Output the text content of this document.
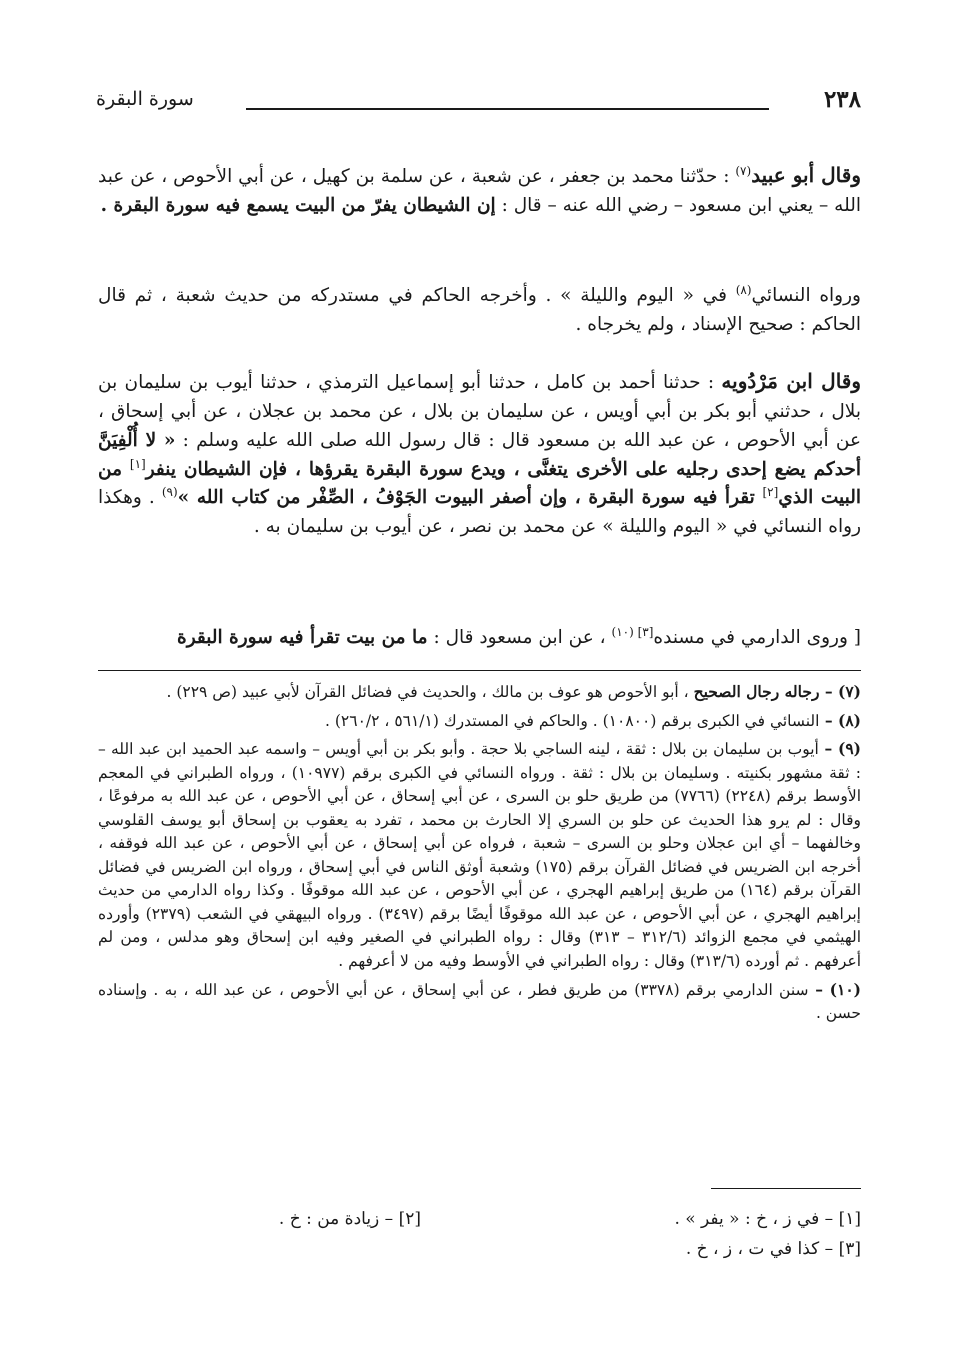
٢٣٨
سورة البقرة
وقال أبو عبيد$^{(٧)}$ : حدّثنا محمد بن جعفر ، عن شعبة ، عن سلمة بن كهيل ، عن أبي الأحوص ، عن عبد الله – يعني ابن مسعود – رضي الله عنه – قال : إن الشيطان يفرّ من البيت يسمع فيه سورة البقرة .
ورواه النسائي$^{(٨)}$ في « اليوم والليلة » . وأخرجه الحاكم في مستدركه من حديث شعبة ، ثم قال الحاكم : صحيح الإسناد ، ولم يخرجاه .
وقال ابن مَرْدُويه : حدثنا أحمد بن كامل ، حدثنا أبو إسماعيل الترمذي ، حدثنا أيوب بن سليمان بن بلال ، حدثني أبو بكر بن أبي أويس ، عن سليمان بن بلال ، عن محمد بن عجلان ، عن أبي إسحاق ، عن أبي الأحوص ، عن عبد الله بن مسعود قال : قال رسول الله صلى الله عليه وسلم : « لا أُلْفِيَنَّ أحدكم يضع إحدى رجليه على الأخرى يتغنَّى ، ويدع سورة البقرة يقرؤها ، فإن الشيطان ينفر[١] من البيت الذي[٢] تقرأ فيه سورة البقرة ، وإن أصفر البيوت الجَوْفُ ، الصِّفْر من كتاب الله »$^{(٩)}$ . وهكذا رواه النسائي في « اليوم والليلة » عن محمد بن نصر ، عن أيوب بن سليمان به .
[ وروى الدارمي في مسنده[٣] $^{(١٠)}$ ، عن ابن مسعود قال : ما من بيت تقرأ فيه سورة البقرة

(٧) – رجاله رجال الصحيح ، أبو الأحوص هو عوف بن مالك ، والحديث في فضائل القرآن لأبي عبيد (ص ٢٢٩) .

(٨) – النسائي في الكبرى برقم (١٠٨٠٠) . والحاكم في المستدرك (٥٦١/١ ، ٢٦٠/٢) .

(٩) – أيوب بن سليمان بن بلال : ثقة ، لينه الساجي بلا حجة . وأبو بكر بن أبي أويس – واسمه عبد الحميد ابن عبد الله – : ثقة مشهور بكنيته . وسليمان بن بلال : ثقة . ورواه النسائي في الكبرى برقم (١٠٩٧٧) ، ورواه الطبراني في المعجم الأوسط برقم (٢٢٤٨) (٧٧٦٦) من طريق حلو بن السرى ، عن أبي إسحاق ، عن أبي الأحوص ، عن عبد الله به مرفوعًا ، وقال : لم يرو هذا الحديث عن حلو بن السري إلا الحارث بن محمد ، تفرد به يعقوب بن إسحاق أبو يوسف القلوسي وخالفهما – أي ابن عجلان وحلو بن السرى – شعبة ، فرواه عن أبي إسحاق ، عن أبي الأحوص ، عن عبد الله فوقفه ، أخرجه ابن الضريس في فضائل القرآن برقم (١٧٥) وشعبة أوثق الناس في أبي إسحاق ، ورواه ابن الضريس في فضائل القرآن برقم (١٦٤) من طريق إبراهيم الهجري ، عن أبي الأحوص ، عن عبد الله موقوفًا . وكذا رواه الدارمي من حديث إبراهيم الهجري ، عن أبي الأحوص ، عن عبد الله موقوفًا أيضًا برقم (٣٤٩٧) . ورواه البيهقي في الشعب (٢٣٧٩) وأورده الهيثمي في مجمع الزوائد (٣١٢/٦ – ٣١٣) وقال : رواه الطبراني في الصغير وفيه ابن إسحاق وهو مدلس ، ومن لم أعرفهم . ثم أورده (٣١٣/٦) وقال : رواه الطبراني في الأوسط وفيه من لا أعرفهم .

(١٠) – سنن الدارمي برقم (٣٣٧٨) من طريق فطر ، عن أبي إسحاق ، عن أبي الأحوص ، عن عبد الله ، به . وإسناده حسن .

[١] – في ز ، خ : « يفر » .
[٢] – زيادة من : خ .
[٣] – كذا في ت ، ز ، خ .
